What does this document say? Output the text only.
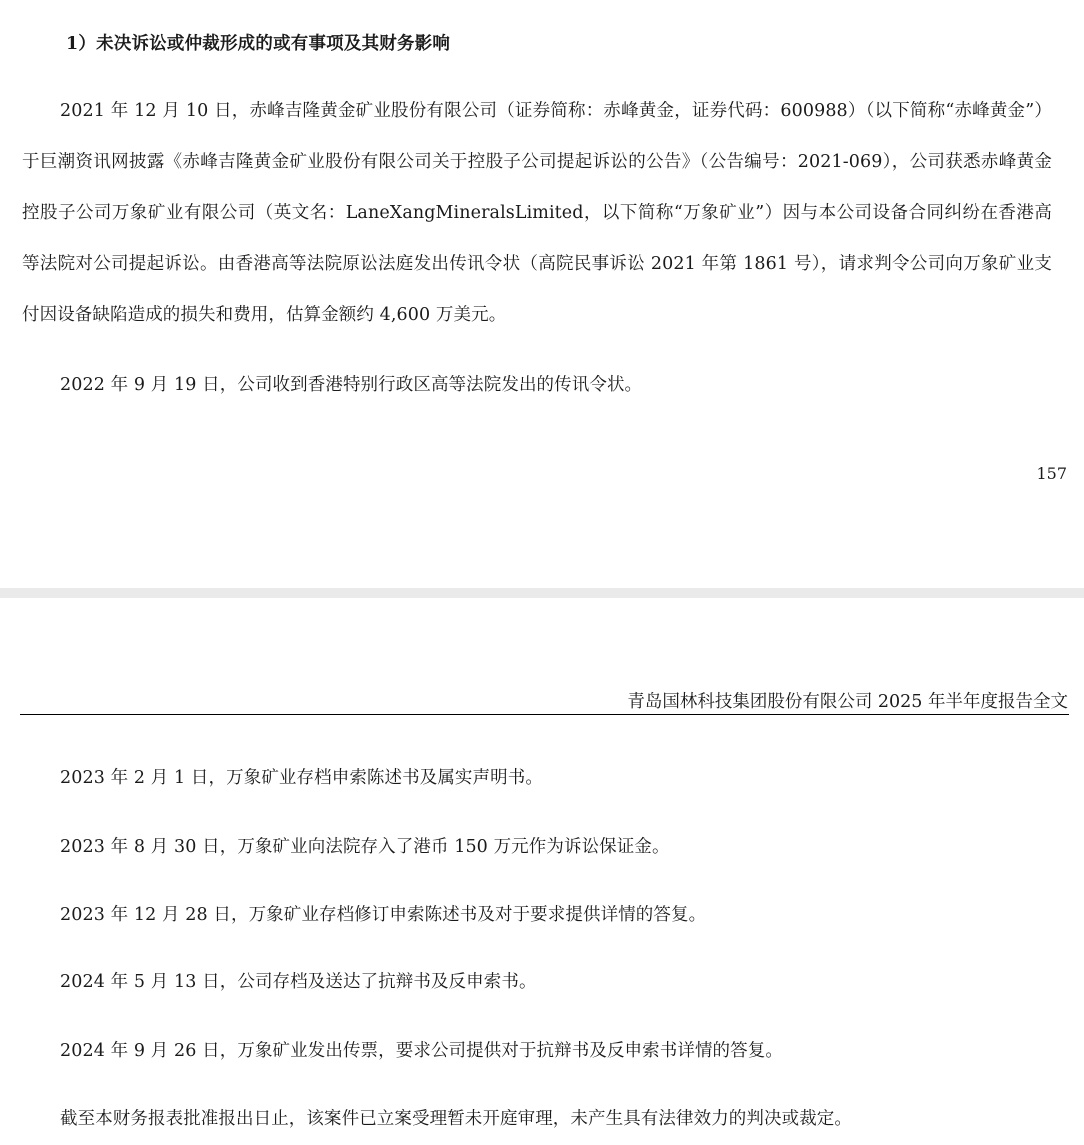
1）未决诉讼或仲裁形成的或有事项及其财务影响
2021 年 12 月 10 日，赤峰吉隆黄金矿业股份有限公司（证券简称：赤峰黄金，证券代码：600988）（以下简称“赤峰黄金”）于巨潮资讯网披露《赤峰吉隆黄金矿业股份有限公司关于控股子公司提起诉讼的公告》（公告编号：2021-069），公司获悉赤峰黄金控股子公司万象矿业有限公司（英文名：LaneXangMineralsLimited，以下简称“万象矿业”）因与本公司设备合同纠纷在香港高等法院对公司提起诉讼。由香港高等法院原讼法庭发出传讯令状（高院民事诉讼 2021 年第 1861 号），请求判令公司向万象矿业支付因设备缺陷造成的损失和费用，估算金额约 4,600 万美元。
2022 年 9 月 19 日，公司收到香港特别行政区高等法院发出的传讯令状。
157
青岛国林科技集团股份有限公司 2025 年半年度报告全文
2023 年 2 月 1 日，万象矿业存档申索陈述书及属实声明书。
2023 年 8 月 30 日，万象矿业向法院存入了港币 150 万元作为诉讼保证金。
2023 年 12 月 28 日，万象矿业存档修订申索陈述书及对于要求提供详情的答复。
2024 年 5 月 13 日，公司存档及送达了抗辩书及反申索书。
2024 年 9 月 26 日，万象矿业发出传票，要求公司提供对于抗辩书及反申索书详情的答复。
截至本财务报表批准报出日止，该案件已立案受理暂未开庭审理，未产生具有法律效力的判决或裁定。
